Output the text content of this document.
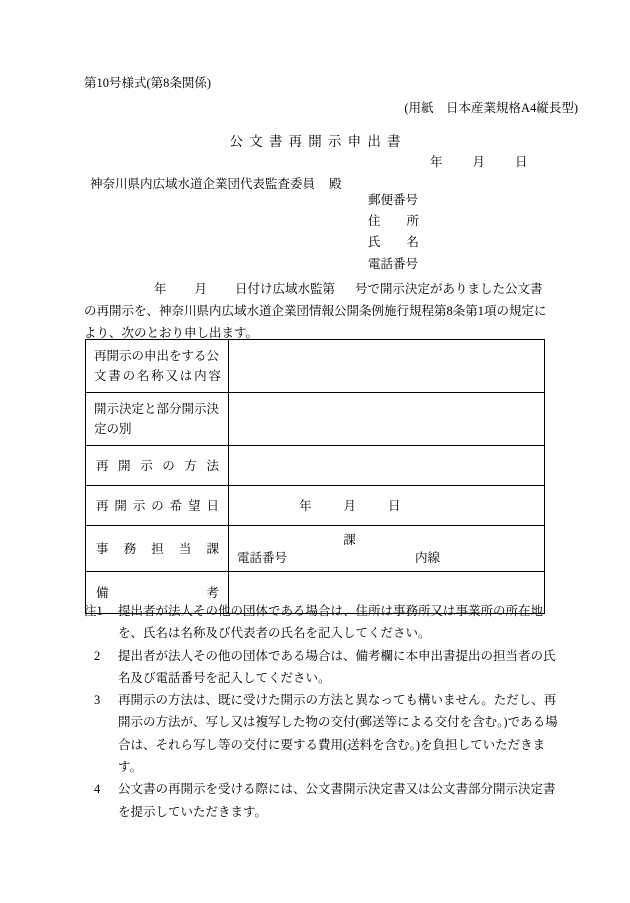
第10号様式(第8条関係)
(用紙　日本産業規格A4縦長型)
公文書再開示申出書
年 月 日
神奈川県内広域水道企業団代表監査委員 殿
郵便番号
住 所
氏 名
電話番号
年 月 日付け広域水監第 号で開示決定がありました公文書の再開示を、神奈川県内広域水道企業団情報公開条例施行規程第8条第1項の規定により、次のとおり申し出ます。
再開示の申出をする公
文 書 の 名 称 又 は 内 容

開示決定と部分開示決
定の別	

再 開 示 の 方 法

再 開 示 の 希 望 日	年	月	日

事 務 担 当 課	課
電話番号 内線

備 考	

注1 提出者が法人その他の団体である場合は、住所は事務所又は事業所の所在地を、氏名は名称及び代表者の氏名を記入してください。
2 提出者が法人その他の団体である場合は、備考欄に本申出書提出の担当者の氏名及び電話番号を記入してください。
3 再開示の方法は、既に受けた開示の方法と異なっても構いません。ただし、再開示の方法が、写し又は複写した物の交付(郵送等による交付を含む。)である場合は、それら写し等の交付に要する費用(送料を含む。)を負担していただきます。
4 公文書の再開示を受ける際には、公文書開示決定書又は公文書部分開示決定書を提示していただきます。
